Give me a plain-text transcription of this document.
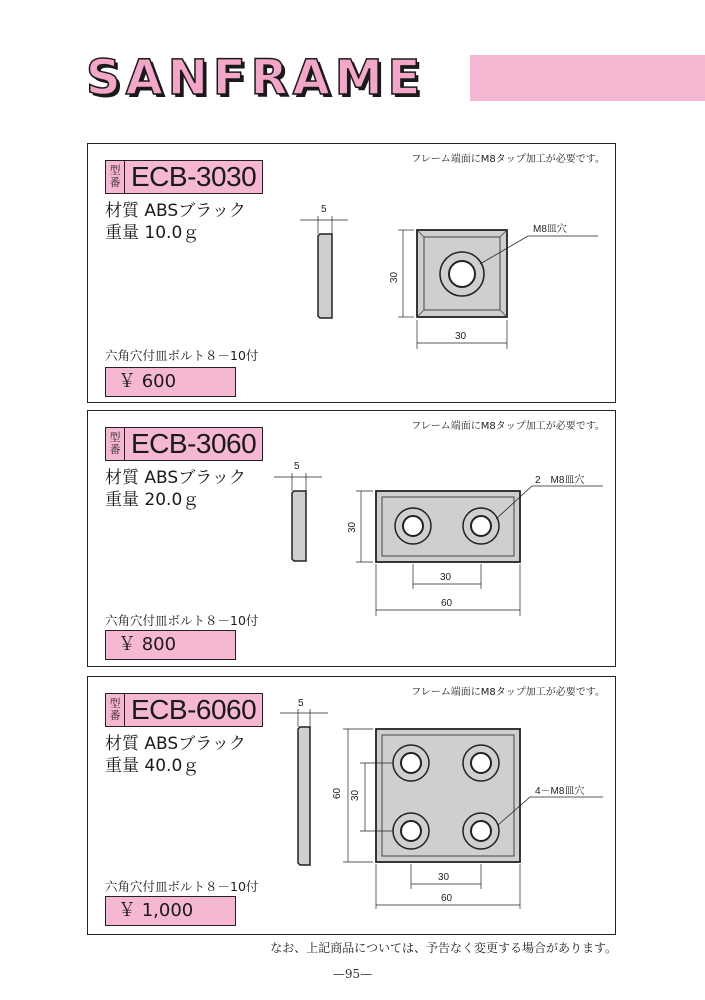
SANFRAME
フレーム端面にM8タップ加工が必要です。
型
番 ECB-3030
材質 ABSブラック
重量 10.0ｇ
六角穴付皿ボルト８－10付
￥ 600
5
M8皿穴
30
30
フレーム端面にM8タップ加工が必要です。
型
番 ECB-3060
材質 ABSブラック
重量 20.0ｇ
六角穴付皿ボルト８－10付
￥ 800
5
2　M8皿穴
30
30
60
フレーム端面にM8タップ加工が必要です。
型
番 ECB-6060
材質 ABSブラック
重量 40.0ｇ
六角穴付皿ボルト８－10付
￥ 1,000
5
4－M8皿穴
60 30
30
60
なお、上記商品については、予告なく変更する場合があります。
—95—
